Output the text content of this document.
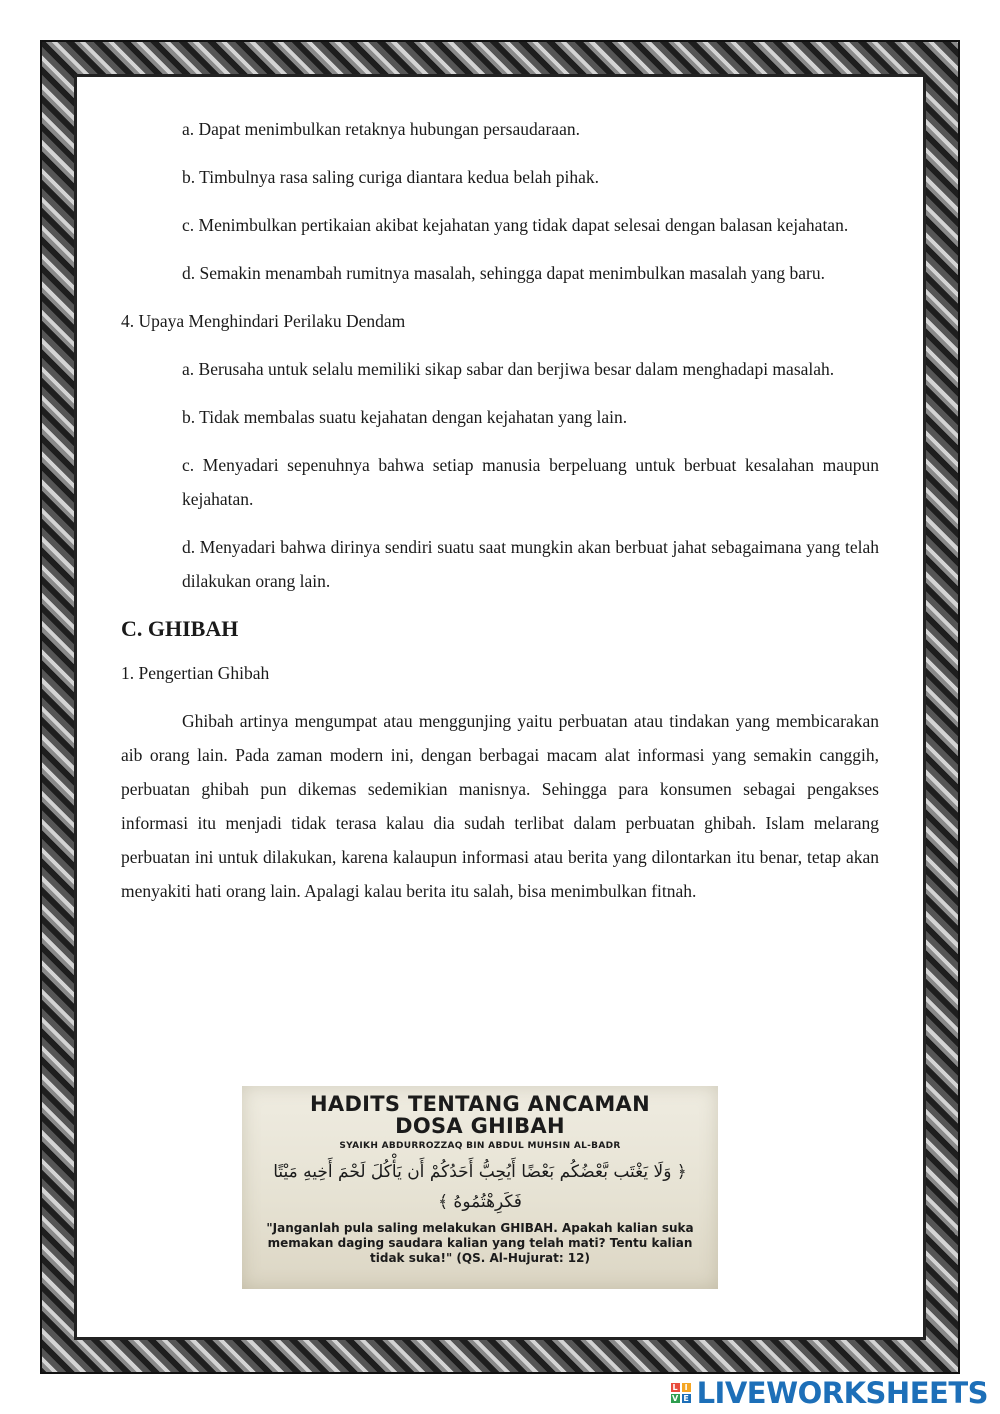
a. Dapat menimbulkan retaknya hubungan persaudaraan.

b. Timbulnya rasa saling curiga diantara kedua belah pihak.

c. Menimbulkan pertikaian akibat kejahatan yang tidak dapat selesai dengan balasan kejahatan.

d. Semakin menambah rumitnya masalah, sehingga dapat menimbulkan masalah yang baru.

4. Upaya Menghindari Perilaku Dendam

a. Berusaha untuk selalu memiliki sikap sabar dan berjiwa besar dalam menghadapi masalah.

b. Tidak membalas suatu kejahatan dengan kejahatan yang lain.

c. Menyadari sepenuhnya bahwa setiap manusia berpeluang untuk berbuat kesalahan maupun kejahatan.

d. Menyadari bahwa dirinya sendiri suatu saat mungkin akan berbuat jahat sebagaimana yang telah dilakukan orang lain.

C. GHIBAH

1. Pengertian Ghibah

Ghibah artinya mengumpat atau menggunjing yaitu perbuatan atau tindakan yang membicarakan aib orang lain. Pada zaman modern ini, dengan berbagai macam alat informasi yang semakin canggih, perbuatan ghibah pun dikemas sedemikian manisnya. Sehingga para konsumen sebagai pengakses informasi itu menjadi tidak terasa kalau dia sudah terlibat dalam perbuatan ghibah. Islam melarang perbuatan ini untuk dilakukan, karena kalaupun informasi atau berita yang dilontarkan itu benar, tetap akan menyakiti hati orang lain. Apalagi kalau berita itu salah, bisa menimbulkan fitnah.

HADITS TENTANG ANCAMAN
DOSA GHIBAH
SYAIKH ABDURROZZAQ BIN ABDUL MUHSIN AL-BADR
﴿ وَلَا يَغْتَب بَّعْضُكُم بَعْضًا أَيُحِبُّ أَحَدُكُمْ أَن يَأْكُلَ لَحْمَ أَخِيهِ مَيْتًا فَكَرِهْتُمُوهُ ﴾
"Janganlah pula saling melakukan GHIBAH. Apakah kalian suka memakan daging saudara kalian yang telah mati? Tentu kalian tidak suka!" (QS. Al-Hujurat: 12)
L I
V E LIVEWORKSHEETS
